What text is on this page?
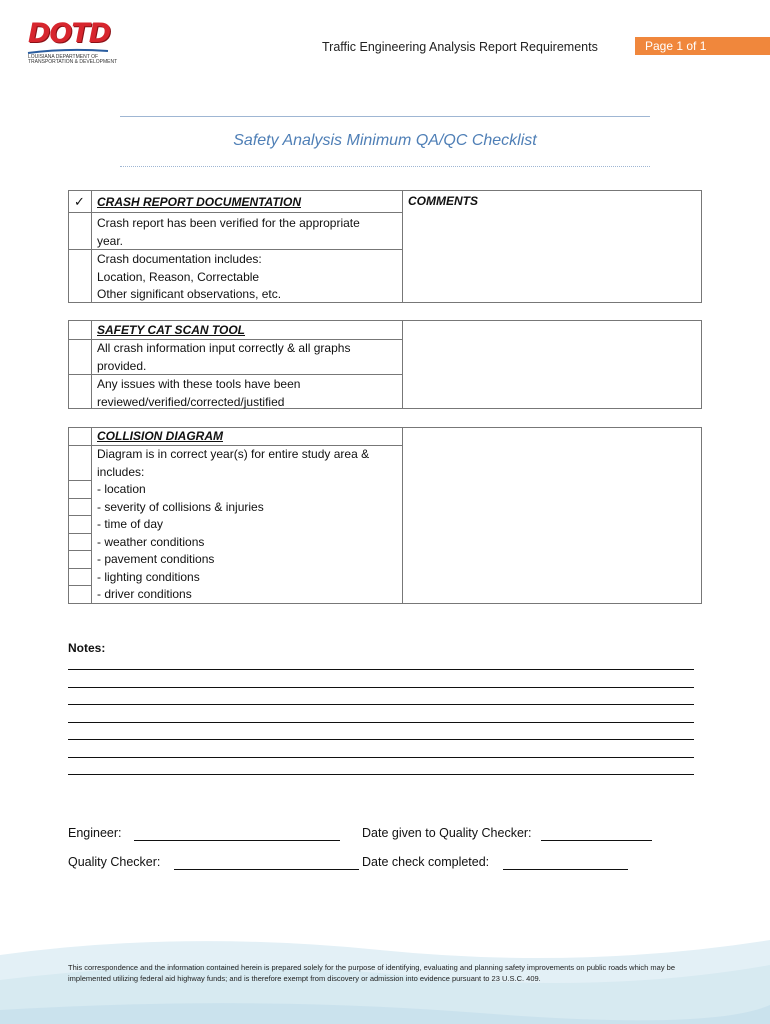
DOTD
LOUISIANA DEPARTMENT OF
TRANSPORTATION & DEVELOPMENT
Traffic Engineering Analysis Report Requirements	Page 1 of 1
Safety Analysis Minimum QA/QC Checklist
✓ CRASH REPORT DOCUMENTATION	COMMENTS
Crash report has been verified for the appropriate
year.
Crash documentation includes:
Location, Reason, Correctable
Other significant observations, etc.
SAFETY CAT SCAN TOOL
All crash information input correctly & all graphs
provided.
Any issues with these tools have been
reviewed/verified/corrected/justified
COLLISION DIAGRAM
Diagram is in correct year(s) for entire study area &
includes:
- location
- severity of collisions & injuries
- time of day
- weather conditions
- pavement conditions
- lighting conditions
- driver conditions
Notes:
Engineer:	Date given to Quality Checker:
Quality Checker:	Date check completed:
This correspondence and the information contained herein is prepared solely for the purpose of identifying, evaluating and planning safety improvements on public roads which may be implemented utilizing federal aid highway funds; and is therefore exempt from discovery or admission into evidence pursuant to 23 U.S.C. 409.
